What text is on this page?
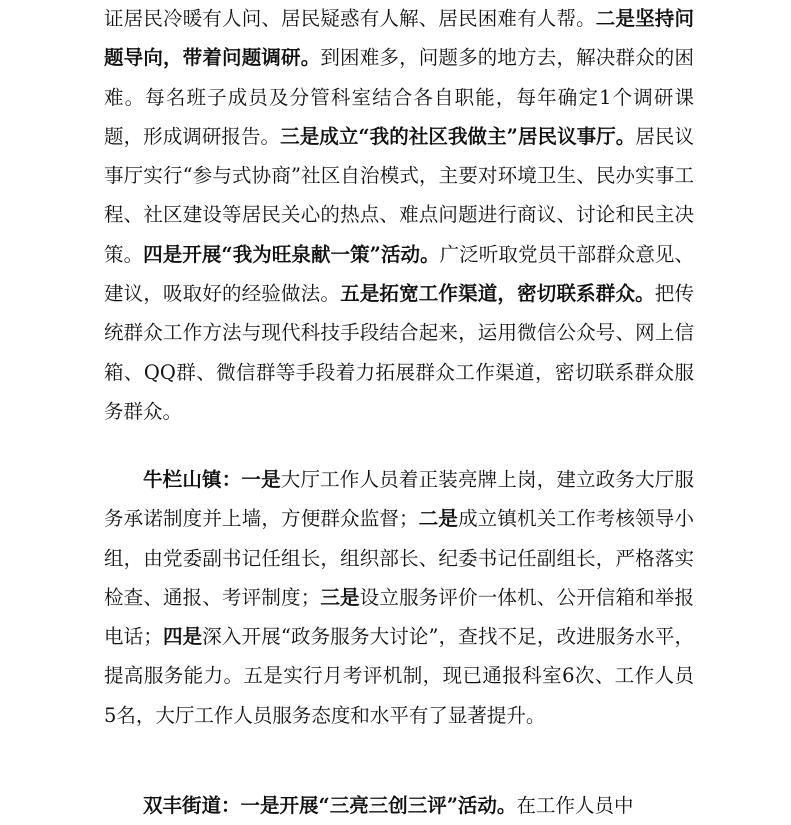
证居民冷暖有人问、居民疑惑有人解、居民困难有人帮。二是坚持问题导向，带着问题调研。到困难多，问题多的地方去，解决群众的困难。每名班子成员及分管科室结合各自职能，每年确定1个调研课题，形成调研报告。三是成立“我的社区我做主”居民议事厅。居民议事厅实行“参与式协商”社区自治模式，主要对环境卫生、民办实事工程、社区建设等居民关心的热点、难点问题进行商议、讨论和民主决策。四是开展“我为旺泉献一策”活动。广泛听取党员干部群众意见、建议，吸取好的经验做法。五是拓宽工作渠道，密切联系群众。把传统群众工作方法与现代科技手段结合起来，运用微信公众号、网上信箱、QQ群、微信群等手段着力拓展群众工作渠道，密切联系群众服务群众。

牛栏山镇：一是大厅工作人员着正装亮牌上岗，建立政务大厅服务承诺制度并上墙，方便群众监督；二是成立镇机关工作考核领导小组，由党委副书记任组长，组织部长、纪委书记任副组长，严格落实检查、通报、考评制度；三是设立服务评价一体机、公开信箱和举报电话；四是深入开展“政务服务大讨论”，查找不足，改进服务水平，提高服务能力。五是实行月考评机制，现已通报科室6次、工作人员5名，大厅工作人员服务态度和水平有了显著提升。

双丰街道：一是开展“三亮三创三评”活动。在工作人员中
